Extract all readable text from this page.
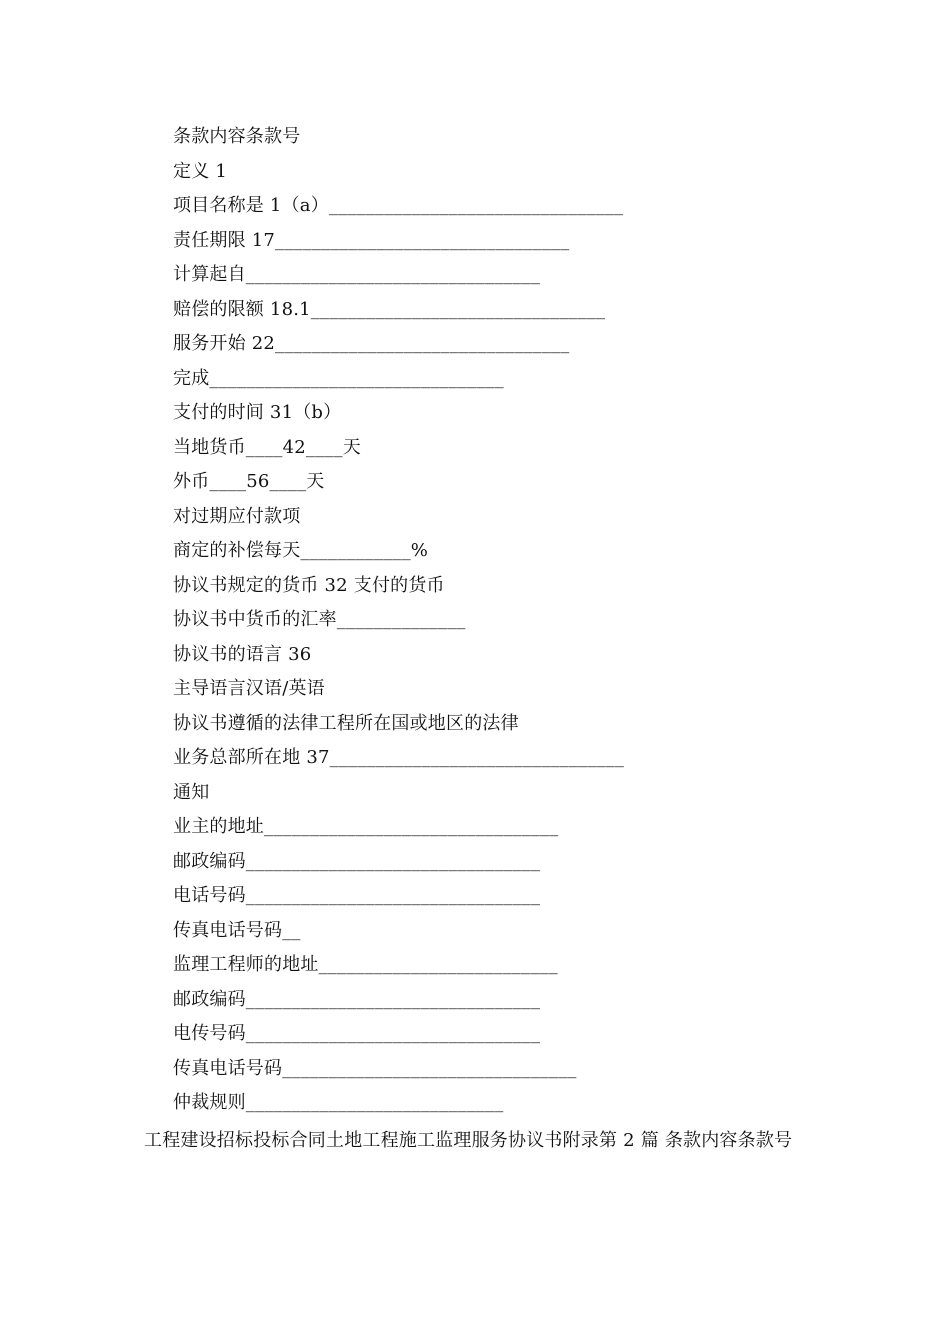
条款内容条款号
定义 1
项目名称是 1（a）________________________________
责任期限 17________________________________
计算起自________________________________
赔偿的限额 18.1________________________________
服务开始 22________________________________
完成________________________________
支付的时间 31（b）
当地货币____42____天
外币____56____天
对过期应付款项
商定的补偿每天____________%
协议书规定的货币 32 支付的货币
协议书中货币的汇率______________
协议书的语言 36
主导语言汉语/英语
协议书遵循的法律工程所在国或地区的法律
业务总部所在地 37________________________________
通知
业主的地址________________________________
邮政编码________________________________
电话号码________________________________
传真电话号码__
监理工程师的地址__________________________
邮政编码________________________________
电传号码________________________________
传真电话号码________________________________
仲裁规则____________________________
工程建设招标投标合同土地工程施工监理服务协议书附录第 2 篇 条款内容条款号
